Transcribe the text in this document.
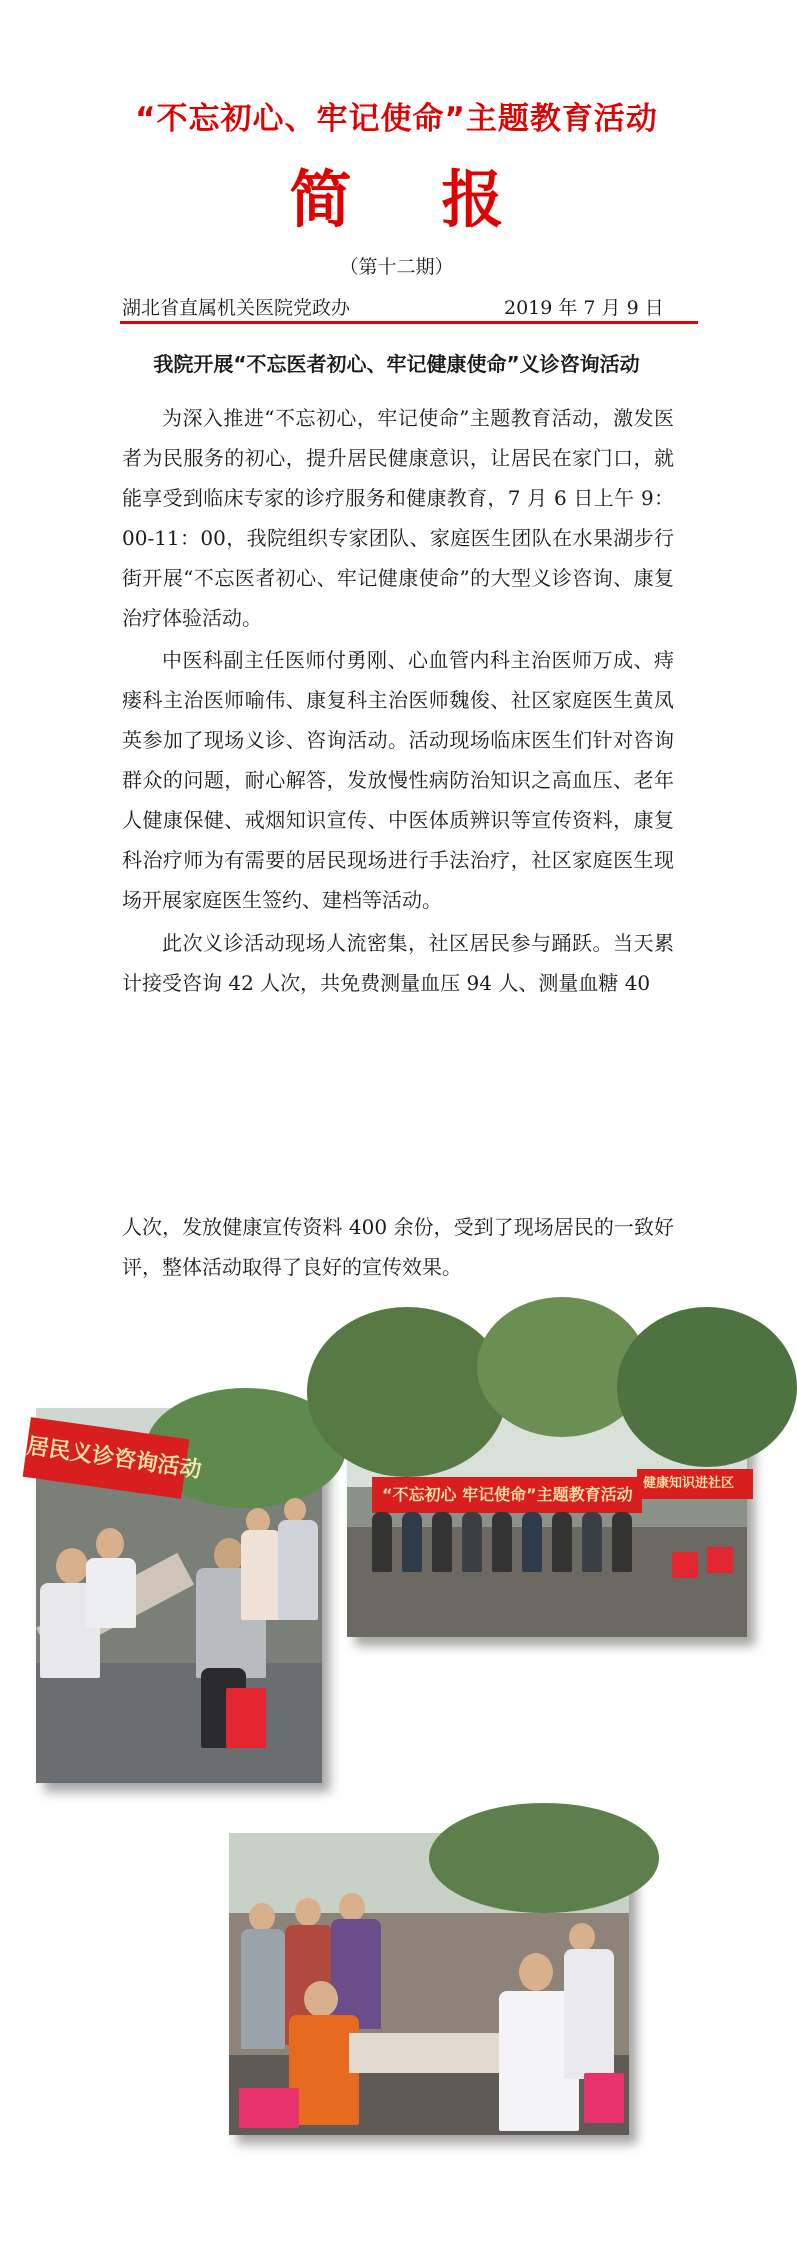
“不忘初心、牢记使命”主题教育活动
简报
（第十二期）
湖北省直属机关医院党政办	2019 年 7 月 9 日
我院开展“不忘医者初心、牢记健康使命”义诊咨询活动

为深入推进“不忘初心，牢记使命”主题教育活动，激发医者为民服务的初心，提升居民健康意识，让居民在家门口，就能享受到临床专家的诊疗服务和健康教育，7 月 6 日上午 9：00-11：00，我院组织专家团队、家庭医生团队在水果湖步行街开展“不忘医者初心、牢记健康使命”的大型义诊咨询、康复治疗体验活动。

中医科副主任医师付勇刚、心血管内科主治医师万成、痔瘘科主治医师喻伟、康复科主治医师魏俊、社区家庭医生黄凤英参加了现场义诊、咨询活动。活动现场临床医生们针对咨询群众的问题，耐心解答，发放慢性病防治知识之高血压、老年人健康保健、戒烟知识宣传、中医体质辨识等宣传资料，康复科治疗师为有需要的居民现场进行手法治疗，社区家庭医生现场开展家庭医生签约、建档等活动。

此次义诊活动现场人流密集，社区居民参与踊跃。当天累计接受咨询 42 人次，共免费测量血压 94 人、测量血糖 40

人次，发放健康宣传资料 400 余份，受到了现场居民的一致好评，整体活动取得了良好的宣传效果。

居民义诊咨询活动
“不忘初心 牢记使命”主题教育活动
健康知识进社区
